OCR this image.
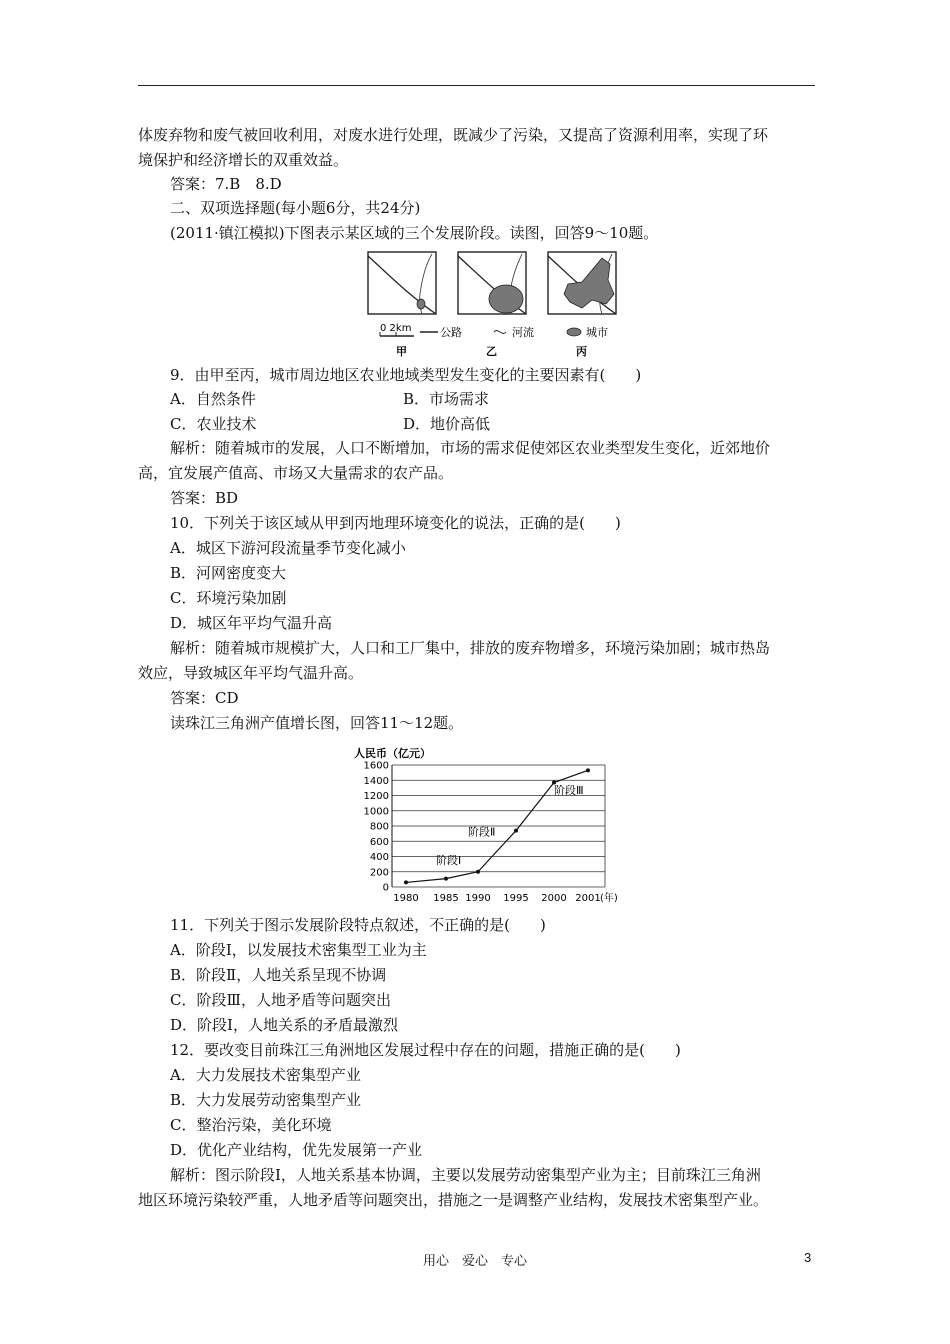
体废弃物和废气被回收利用，对废水进行处理，既减少了污染，又提高了资源利用率，实现了环
境保护和经济增长的双重效益。
答案：7.B　8.D
二、双项选择题(每小题6分，共24分)
(2011·镇江模拟)下图表示某区域的三个发展阶段。读图，回答9～10题。
0 2km	公路	河流	城市
甲	乙	丙
9．由甲至丙，城市周边地区农业地域类型发生变化的主要因素有(　　)
A．自然条件	B．市场需求
C．农业技术	D．地价高低
解析：随着城市的发展，人口不断增加，市场的需求促使郊区农业类型发生变化，近郊地价
高，宜发展产值高、市场又大量需求的农产品。
答案：BD
10．下列关于该区域从甲到丙地理环境变化的说法，正确的是(　　)
A．城区下游河段流量季节变化减小
B．河网密度变大
C．环境污染加剧
D．城区年平均气温升高
解析：随着城市规模扩大，人口和工厂集中，排放的废弃物增多，环境污染加剧；城市热岛
效应，导致城区年平均气温升高。
答案：CD
读珠江三角洲产值增长图，回答11～12题。
人民币（亿元）
0
200
400
600
800
1000
1200
1400
1600
1980 1985 1990 1995 2000 2001
阶段Ⅰ
阶段Ⅱ
阶段Ⅲ
(年)
11．下列关于图示发展阶段特点叙述，不正确的是(　　)
A．阶段Ⅰ，以发展技术密集型工业为主
B．阶段Ⅱ，人地关系呈现不协调
C．阶段Ⅲ，人地矛盾等问题突出
D．阶段Ⅰ，人地关系的矛盾最激烈
12．要改变目前珠江三角洲地区发展过程中存在的问题，措施正确的是(　　)
A．大力发展技术密集型产业
B．大力发展劳动密集型产业
C．整治污染，美化环境
D．优化产业结构，优先发展第一产业
解析：图示阶段Ⅰ，人地关系基本协调，主要以发展劳动密集型产业为主；目前珠江三角洲
地区环境污染较严重，人地矛盾等问题突出，措施之一是调整产业结构，发展技术密集型产业。
用心　爱心　专心	3
